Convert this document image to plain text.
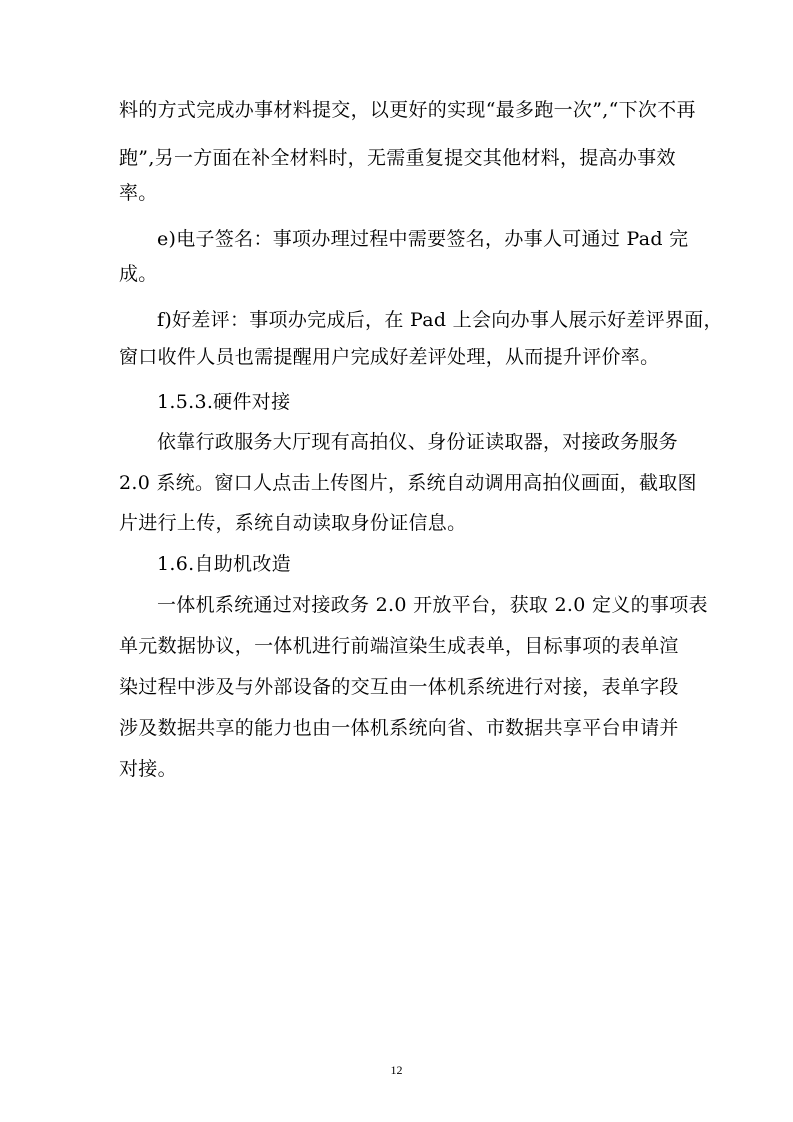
料的方式完成办事材料提交，以更好的实现“最多跑一次”,“下次不再
跑”,另一方面在补全材料时，无需重复提交其他材料，提高办事效
率。
e)电子签名：事项办理过程中需要签名，办事人可通过 Pad 完
成。
f)好差评：事项办完成后，在 Pad 上会向办事人展示好差评界面，
窗口收件人员也需提醒用户完成好差评处理，从而提升评价率。
1.5.3.硬件对接
依靠行政服务大厅现有高拍仪、身份证读取器，对接政务服务
2.0 系统。窗口人点击上传图片，系统自动调用高拍仪画面，截取图
片进行上传，系统自动读取身份证信息。
1.6.自助机改造
一体机系统通过对接政务 2.0 开放平台，获取 2.0 定义的事项表
单元数据协议，一体机进行前端渲染生成表单，目标事项的表单渲
染过程中涉及与外部设备的交互由一体机系统进行对接，表单字段
涉及数据共享的能力也由一体机系统向省、市数据共享平台申请并
对接。
12
